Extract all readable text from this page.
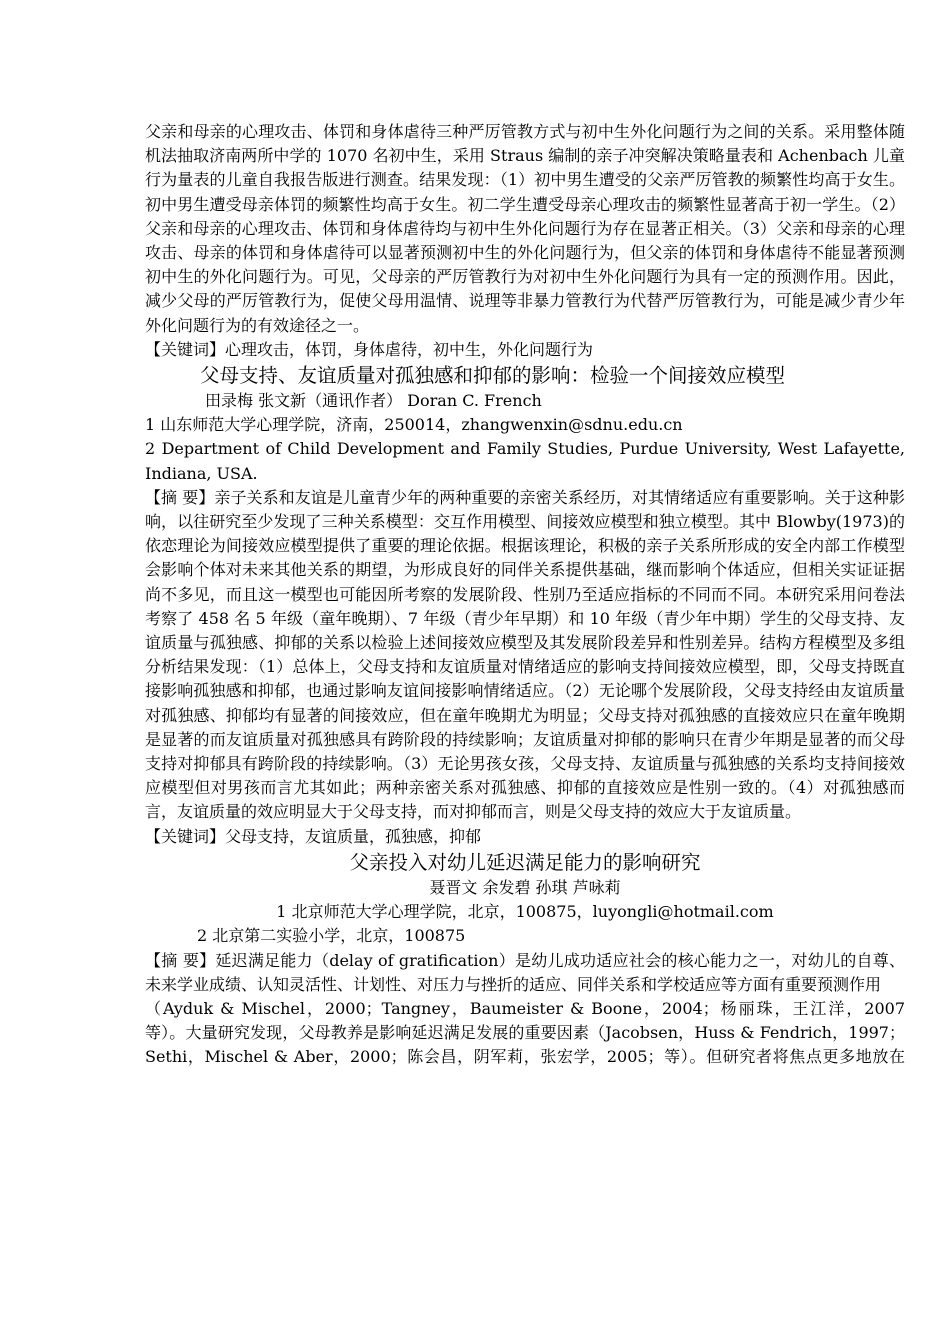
父亲和母亲的心理攻击、体罚和身体虐待三种严厉管教方式与初中生外化问题行为之间的关系。采用整体随机法抽取济南两所中学的 1070 名初中生，采用 Straus 编制的亲子冲突解决策略量表和 Achenbach 儿童行为量表的儿童自我报告版进行测查。结果发现：（1）初中男生遭受的父亲严厉管教的频繁性均高于女生。初中男生遭受母亲体罚的频繁性均高于女生。初二学生遭受母亲心理攻击的频繁性显著高于初一学生。（2）父亲和母亲的心理攻击、体罚和身体虐待均与初中生外化问题行为存在显著正相关。（3）父亲和母亲的心理攻击、母亲的体罚和身体虐待可以显著预测初中生的外化问题行为，但父亲的体罚和身体虐待不能显著预测初中生的外化问题行为。可见，父母亲的严厉管教行为对初中生外化问题行为具有一定的预测作用。因此，减少父母的严厉管教行为，促使父母用温情、说理等非暴力管教行为代替严厉管教行为，可能是减少青少年外化问题行为的有效途径之一。

【关键词】心理攻击，体罚，身体虐待，初中生，外化问题行为

父母支持、友谊质量对孤独感和抑郁的影响：检验一个间接效应模型
田录梅 张文新（通讯作者） Doran C. French
1 山东师范大学心理学院，济南，250014，zhangwenxin@sdnu.edu.cn

2 Department of Child Development and Family Studies, Purdue University, West Lafayette, Indiana, USA.

【摘 要】亲子关系和友谊是儿童青少年的两种重要的亲密关系经历，对其情绪适应有重要影响。关于这种影响，以往研究至少发现了三种关系模型：交互作用模型、间接效应模型和独立模型。其中 Blowby(1973)的依恋理论为间接效应模型提供了重要的理论依据。根据该理论，积极的亲子关系所形成的安全内部工作模型会影响个体对未来其他关系的期望，为形成良好的同伴关系提供基础，继而影响个体适应，但相关实证证据尚不多见，而且这一模型也可能因所考察的发展阶段、性别乃至适应指标的不同而不同。本研究采用问卷法考察了 458 名 5 年级（童年晚期）、7 年级（青少年早期）和 10 年级（青少年中期）学生的父母支持、友谊质量与孤独感、抑郁的关系以检验上述间接效应模型及其发展阶段差异和性别差异。结构方程模型及多组分析结果发现：（1）总体上，父母支持和友谊质量对情绪适应的影响支持间接效应模型，即，父母支持既直接影响孤独感和抑郁，也通过影响友谊间接影响情绪适应。（2）无论哪个发展阶段，父母支持经由友谊质量对孤独感、抑郁均有显著的间接效应，但在童年晚期尤为明显；父母支持对孤独感的直接效应只在童年晚期是显著的而友谊质量对孤独感具有跨阶段的持续影响；友谊质量对抑郁的影响只在青少年期是显著的而父母支持对抑郁具有跨阶段的持续影响。（3）无论男孩女孩，父母支持、友谊质量与孤独感的关系均支持间接效应模型但对男孩而言尤其如此；两种亲密关系对孤独感、抑郁的直接效应是性别一致的。（4）对孤独感而言，友谊质量的效应明显大于父母支持，而对抑郁而言，则是父母支持的效应大于友谊质量。

【关键词】父母支持，友谊质量，孤独感，抑郁

父亲投入对幼儿延迟满足能力的影响研究
聂晋文 余发碧 孙琪 芦咏莉
1 北京师范大学心理学院，北京，100875，luyongli@hotmail.com
2 北京第二实验小学，北京，100875

【摘 要】延迟满足能力（delay of gratification）是幼儿成功适应社会的核心能力之一，对幼儿的自尊、未来学业成绩、认知灵活性、计划性、对压力与挫折的适应、同伴关系和学校适应等方面有重要预测作用

（Ayduk & Mischel，2000；Tangney，Baumeister & Boone，2004；杨丽珠，王江洋，2007 等）。大量研究发现，父母教养是影响延迟满足发展的重要因素（Jacobsen，Huss & Fendrich，1997；Sethi，Mischel & Aber，2000；陈会昌，阴军莉，张宏学，2005；等）。但研究者将焦点更多地放在
